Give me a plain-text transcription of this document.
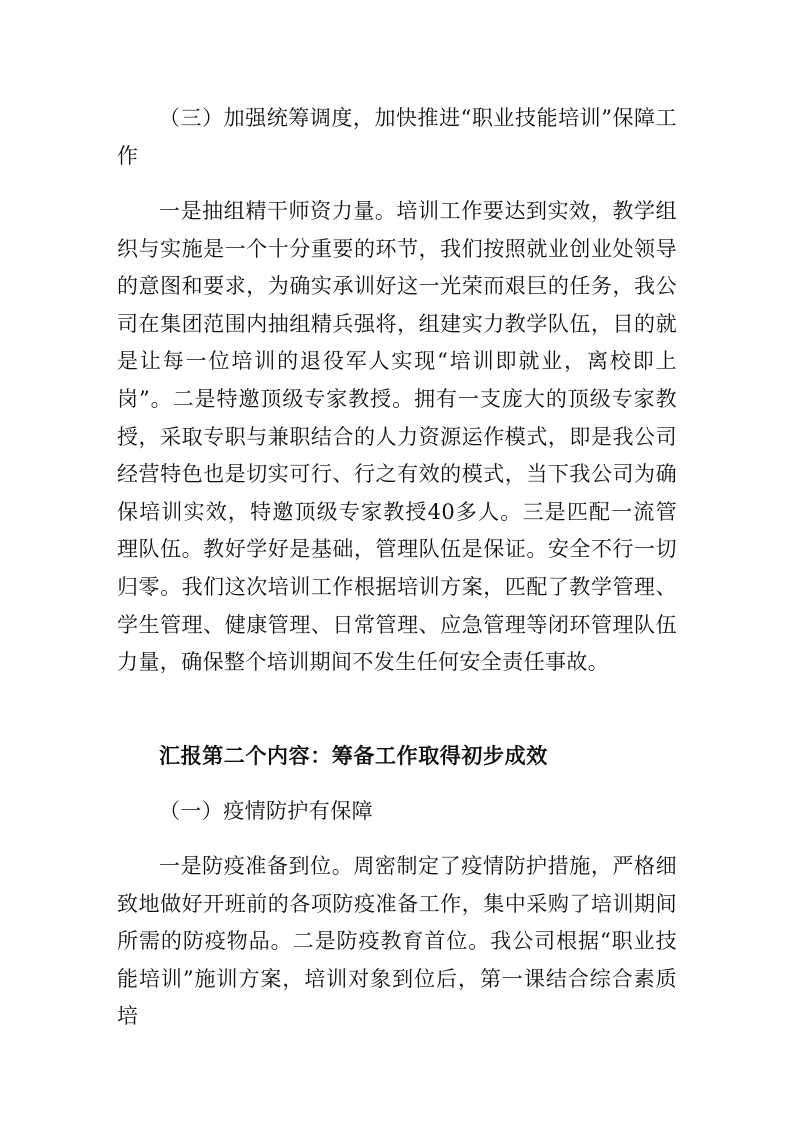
（三）加强统筹调度，加快推进“职业技能培训”保障工作

一是抽组精干师资力量。培训工作要达到实效，教学组织与实施是一个十分重要的环节，我们按照就业创业处领导的意图和要求，为确实承训好这一光荣而艰巨的任务，我公司在集团范围内抽组精兵强将，组建实力教学队伍，目的就是让每一位培训的退役军人实现“培训即就业，离校即上岗”。二是特邀顶级专家教授。拥有一支庞大的顶级专家教授，采取专职与兼职结合的人力资源运作模式，即是我公司经营特色也是切实可行、行之有效的模式，当下我公司为确保培训实效，特邀顶级专家教授40多人。三是匹配一流管理队伍。教好学好是基础，管理队伍是保证。安全不行一切归零。我们这次培训工作根据培训方案，匹配了教学管理、学生管理、健康管理、日常管理、应急管理等闭环管理队伍力量，确保整个培训期间不发生任何安全责任事故。

汇报第二个内容：筹备工作取得初步成效

（一）疫情防护有保障

一是防疫准备到位。周密制定了疫情防护措施，严格细致地做好开班前的各项防疫准备工作，集中采购了培训期间所需的防疫物品。二是防疫教育首位。我公司根据“职业技能培训”施训方案，培训对象到位后，第一课结合综合素质培
